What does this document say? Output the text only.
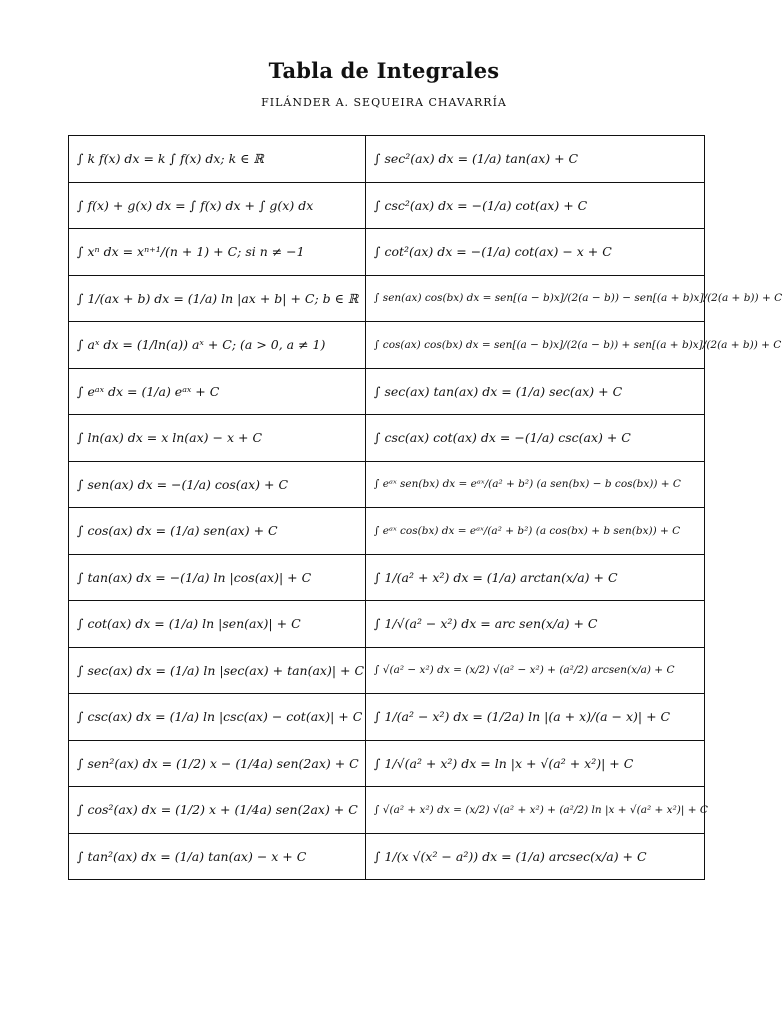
Tabla de Integrales
FILÁNDER A. SEQUEIRA CHAVARRÍA
∫ k f(x) dx = k ∫ f(x) dx; k ∈ ℝ	∫ sec²(ax) dx = (1/a) tan(ax) + C
∫ f(x) + g(x) dx = ∫ f(x) dx + ∫ g(x) dx	∫ csc²(ax) dx = −(1/a) cot(ax) + C
∫ xⁿ dx = xⁿ⁺¹/(n + 1) + C; si n ≠ −1	∫ cot²(ax) dx = −(1/a) cot(ax) − x + C
∫ 1/(ax + b) dx = (1/a) ln |ax + b| + C; b ∈ ℝ	∫ sen(ax) cos(bx) dx = sen[(a − b)x]/(2(a − b)) − sen[(a + b)x]/(2(a + b)) + C
∫ aˣ dx = (1/ln(a)) aˣ + C; (a > 0, a ≠ 1)	∫ cos(ax) cos(bx) dx = sen[(a − b)x]/(2(a − b)) + sen[(a + b)x]/(2(a + b)) + C
∫ eᵃˣ dx = (1/a) eᵃˣ + C	∫ sec(ax) tan(ax) dx = (1/a) sec(ax) + C
∫ ln(ax) dx = x ln(ax) − x + C	∫ csc(ax) cot(ax) dx = −(1/a) csc(ax) + C
∫ sen(ax) dx = −(1/a) cos(ax) + C	∫ eᵃˣ sen(bx) dx = eᵃˣ/(a² + b²) (a sen(bx) − b cos(bx)) + C
∫ cos(ax) dx = (1/a) sen(ax) + C	∫ eᵃˣ cos(bx) dx = eᵃˣ/(a² + b²) (a cos(bx) + b sen(bx)) + C
∫ tan(ax) dx = −(1/a) ln |cos(ax)| + C	∫ 1/(a² + x²) dx = (1/a) arctan(x/a) + C
∫ cot(ax) dx = (1/a) ln |sen(ax)| + C	∫ 1/√(a² − x²) dx = arc sen(x/a) + C
∫ sec(ax) dx = (1/a) ln |sec(ax) + tan(ax)| + C	∫ √(a² − x²) dx = (x/2) √(a² − x²) + (a²/2) arcsen(x/a) + C
∫ csc(ax) dx = (1/a) ln |csc(ax) − cot(ax)| + C	∫ 1/(a² − x²) dx = (1/2a) ln |(a + x)/(a − x)| + C
∫ sen²(ax) dx = (1/2) x − (1/4a) sen(2ax) + C	∫ 1/√(a² + x²) dx = ln |x + √(a² + x²)| + C
∫ cos²(ax) dx = (1/2) x + (1/4a) sen(2ax) + C	∫ √(a² + x²) dx = (x/2) √(a² + x²) + (a²/2) ln |x + √(a² + x²)| + C
∫ tan²(ax) dx = (1/a) tan(ax) − x + C	∫ 1/(x √(x² − a²)) dx = (1/a) arcsec(x/a) + C
